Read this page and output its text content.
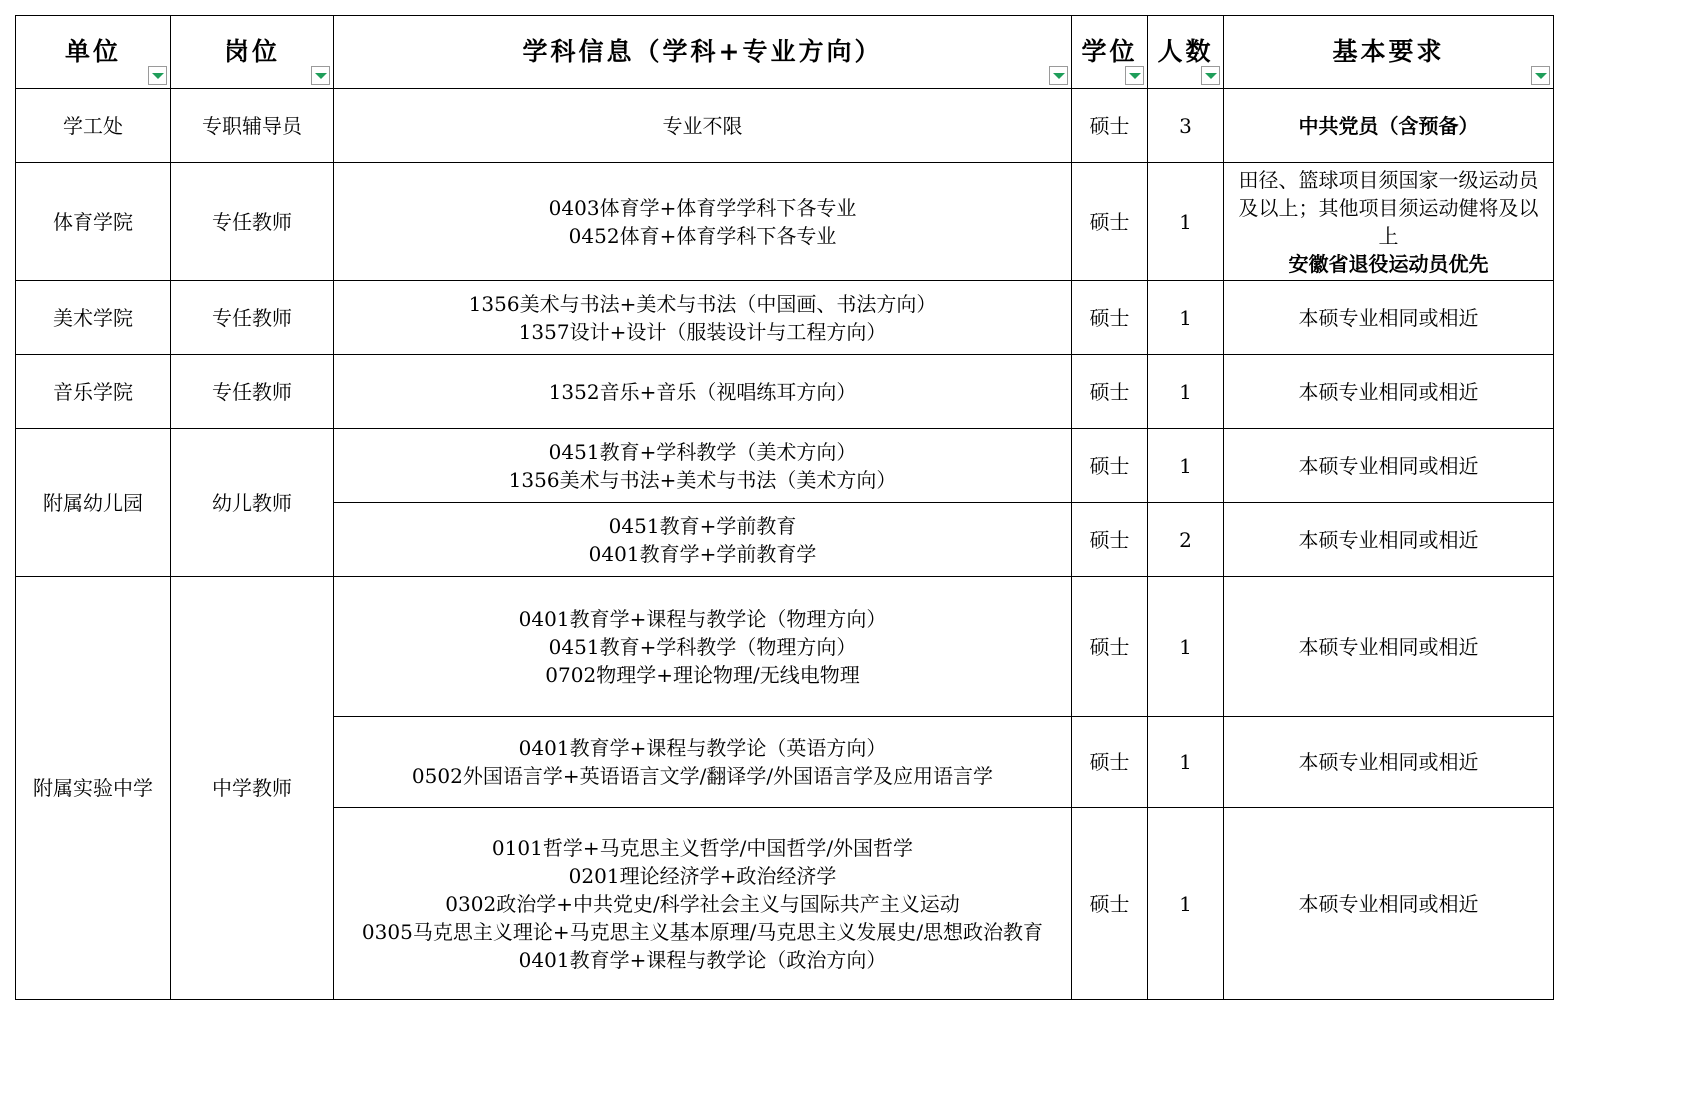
单位	岗位	学科信息（学科+专业方向）	学位	人数	基本要求

学工处	专职辅导员	专业不限	硕士	3	中共党员（含预备）

体育学院	专任教师	0403体育学+体育学学科下各专业
0452体育+体育学科下各专业	硕士	1	田径、篮球项目须国家一级运动员及以上；其他项目须运动健将及以上
安徽省退役运动员优先

美术学院	专任教师	1356美术与书法+美术与书法（中国画、书法方向）
1357设计+设计（服装设计与工程方向）	硕士	1	本硕专业相同或相近

音乐学院	专任教师	1352音乐+音乐（视唱练耳方向）	硕士	1	本硕专业相同或相近

附属幼儿园	幼儿教师	0451教育+学科教学（美术方向）
1356美术与书法+美术与书法（美术方向）	硕士	1	本硕专业相同或相近

		0451教育+学前教育
0401教育学+学前教育学	硕士	2	本硕专业相同或相近

附属实验中学	中学教师	0401教育学+课程与教学论（物理方向）
0451教育+学科教学（物理方向）
0702物理学+理论物理/无线电物理	硕士	1	本硕专业相同或相近

		0401教育学+课程与教学论（英语方向）
0502外国语言学+英语语言文学/翻译学/外国语言学及应用语言学	硕士	1	本硕专业相同或相近

		0101哲学+马克思主义哲学/中国哲学/外国哲学
0201理论经济学+政治经济学
0302政治学+中共党史/科学社会主义与国际共产主义运动
0305马克思主义理论+马克思主义基本原理/马克思主义发展史/思想政治教育
0401教育学+课程与教学论（政治方向）	硕士	1	本硕专业相同或相近
